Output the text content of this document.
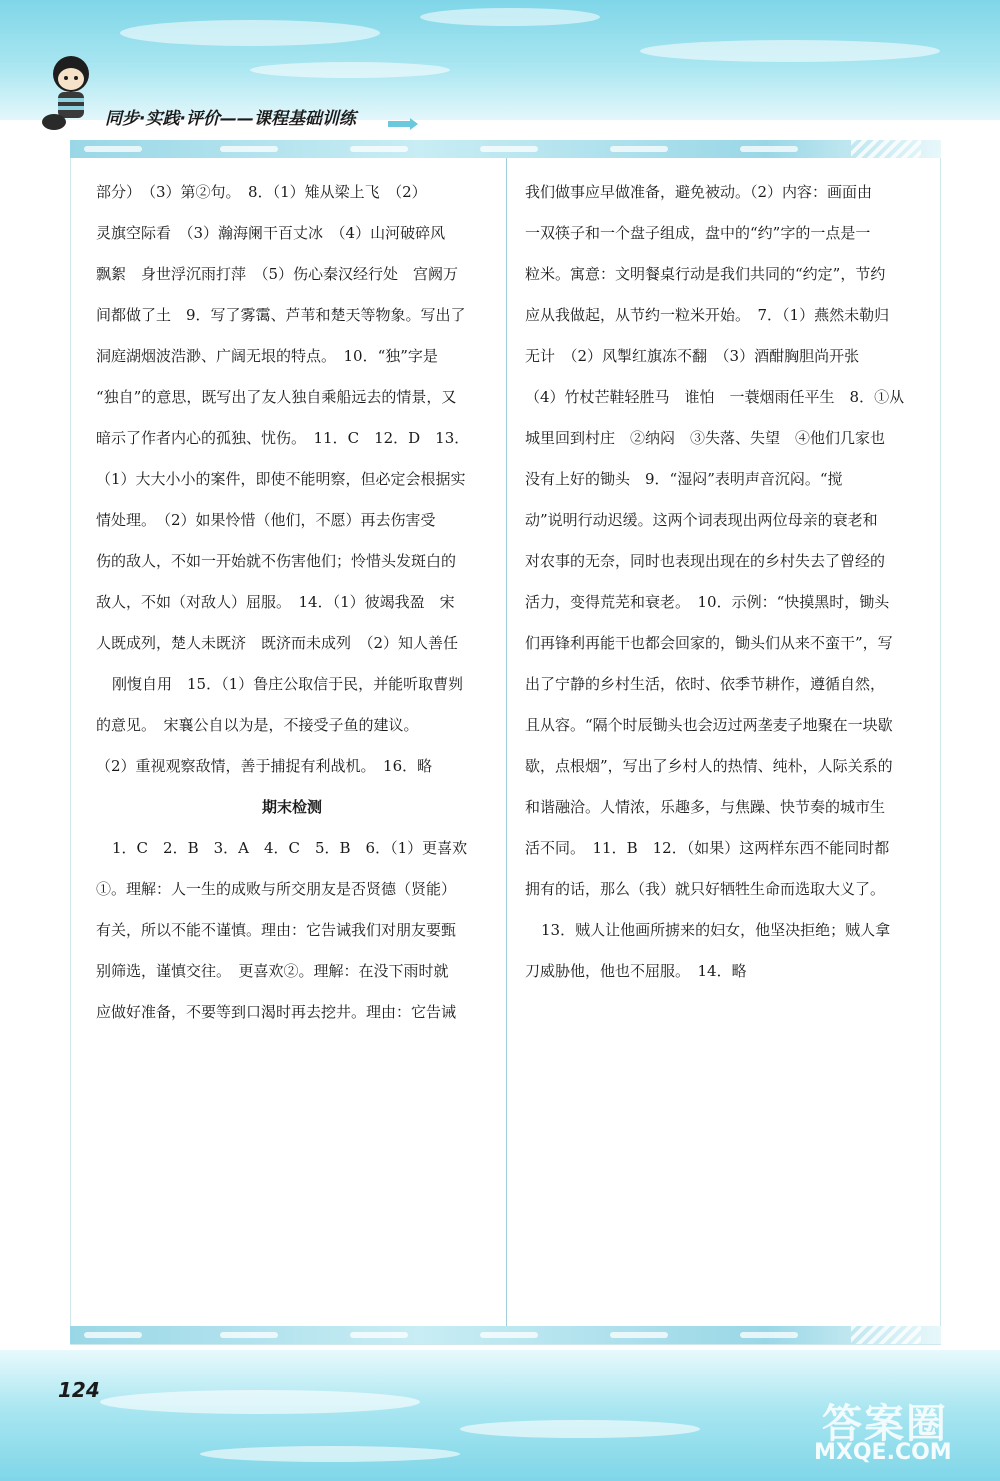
同步·实践·评价——课程基础训练
部分）　（3）第②句。　8．（1）雉从梁上飞　（2）
灵旗空际看　（3）瀚海阑干百丈冰　（4）山河破碎风
飘絮　身世浮沉雨打萍　（5）伤心秦汉经行处　宫阙万
间都做了土　9．写了雾霭、芦苇和楚天等物象。写出了
洞庭湖烟波浩渺、广阔无垠的特点。　10．“独”字是
“独自”的意思，既写出了友人独自乘船远去的情景，又
暗示了作者内心的孤独、忧伤。　11．C　12．D　13．
（1）大大小小的案件，即使不能明察，但必定会根据实
情处理。　（2）如果怜惜（他们，不愿）再去伤害受
伤的敌人，不如一开始就不伤害他们；怜惜头发斑白的
敌人，不如（对敌人）屈服。　14．（1）彼竭我盈　宋
人既成列，楚人未既济　既济而未成列　（2）知人善任
刚愎自用　15．（1）鲁庄公取信于民，并能听取曹刿
的意见。　宋襄公自以为是，不接受子鱼的建议。
（2）重视观察敌情，善于捕捉有利战机。　16．略
期末检测
1．C　2．B　3．A　4．C　5．B　6．（1）更喜欢
①。理解：人一生的成败与所交朋友是否贤德（贤能）
有关，所以不能不谨慎。理由：它告诫我们对朋友要甄
别筛选，谨慎交往。　更喜欢②。理解：在没下雨时就
应做好准备，不要等到口渴时再去挖井。理由：它告诫
我们做事应早做准备，避免被动。（2）内容：画面由
一双筷子和一个盘子组成，盘中的“约”字的一点是一
粒米。寓意：文明餐桌行动是我们共同的“约定”，节约
应从我做起，从节约一粒米开始。　7．（1）燕然未勒归
无计　（2）风掣红旗冻不翻　（3）酒酣胸胆尚开张
（4）竹杖芒鞋轻胜马　谁怕　一蓑烟雨任平生　8．①从
城里回到村庄　②纳闷　③失落、失望　④他们几家也
没有上好的锄头　9．“湿闷”表明声音沉闷。“搅
动”说明行动迟缓。这两个词表现出两位母亲的衰老和
对农事的无奈，同时也表现出现在的乡村失去了曾经的
活力，变得荒芜和衰老。　10．示例：“快摸黑时，锄头
们再锋利再能干也都会回家的，锄头们从来不蛮干”，写
出了宁静的乡村生活，依时、依季节耕作，遵循自然，
且从容。“隔个时辰锄头也会迈过两垄麦子地聚在一块歇
歇，点根烟”，写出了乡村人的热情、纯朴，人际关系的
和谐融洽。人情浓，乐趣多，与焦躁、快节奏的城市生
活不同。　11．B　12．（如果）这两样东西不能同时都
拥有的话，那么（我）就只好牺牲生命而选取大义了。
13．贼人让他画所掳来的妇女，他坚决拒绝；贼人拿
刀威胁他，他也不屈服。　14．略
124
答案圈
MXQE.COM
